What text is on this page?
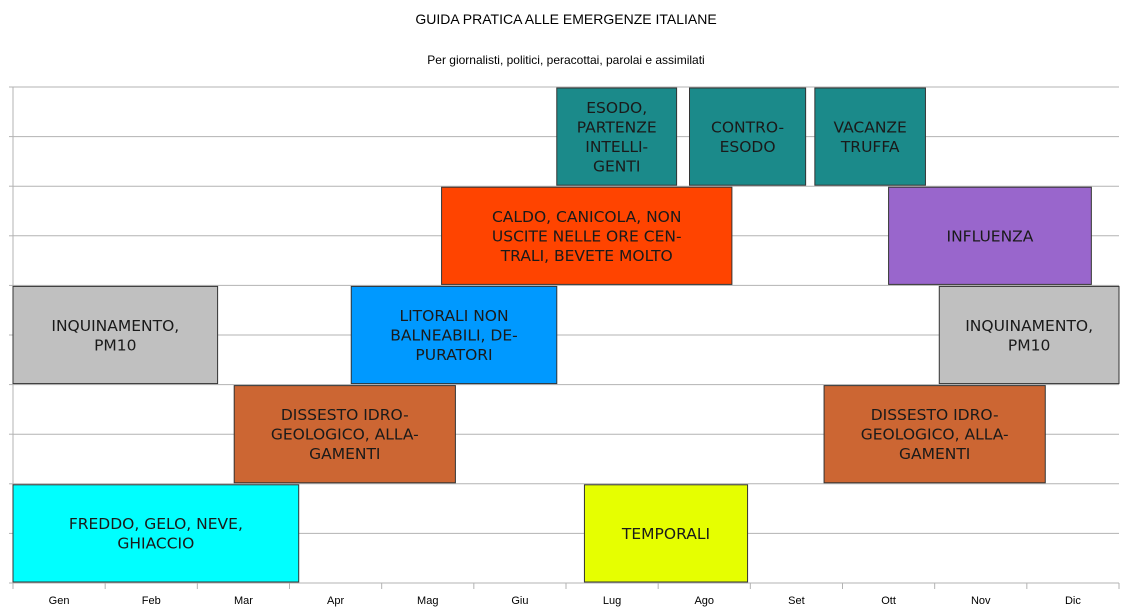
GUIDA PRATICA ALLE EMERGENZE ITALIANE
Per giornalisti, politici, peracottai, parolai e assimilati
FREDDO, GELO, NEVE,
GHIACCIO
TEMPORALI
DISSESTO IDRO-
GEOLOGICO, ALLA-
GAMENTI
DISSESTO IDRO-
GEOLOGICO, ALLA-
GAMENTI
INQUINAMENTO,
PM10
LITORALI NON
BALNEABILI, DE-
PURATORI
INQUINAMENTO,
PM10
CALDO, CANICOLA, NON
USCITE NELLE ORE CEN-
TRALI, BEVETE MOLTO
INFLUENZA
ESODO,
PARTENZE
INTELLI-
GENTI
CONTRO-
ESODO
VACANZE
TRUFFA
Gen	Feb	Mar	Apr	Mag	Giu	Lug	Ago	Set	Ott	Nov	Dic
